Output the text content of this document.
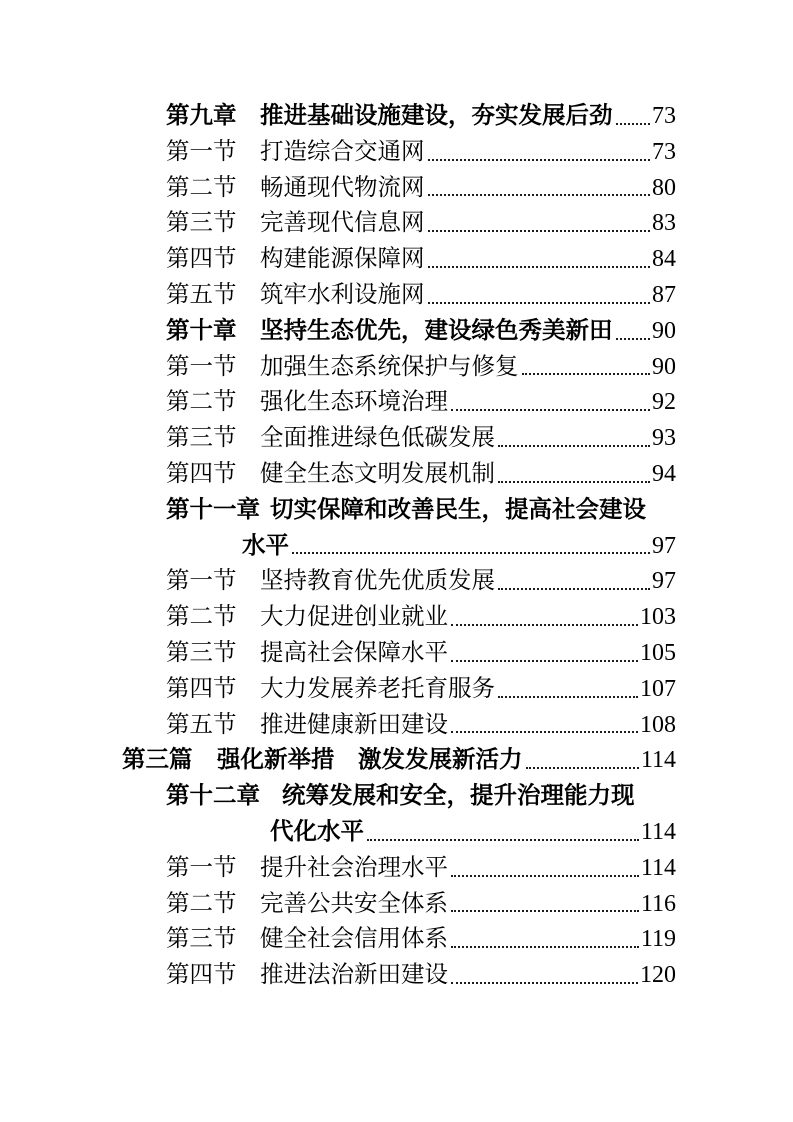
第九章	推进基础设施建设，夯实发展后劲 73
第一节	打造综合交通网	73
第二节	畅通现代物流网	80
第三节	完善现代信息网	83
第四节	构建能源保障网	84
第五节	筑牢水利设施网	87
第十章	坚持生态优先，建设绿色秀美新田 90
第一节	加强生态系统保护与修复	90
第二节	强化生态环境治理	92
第三节	全面推进绿色低碳发展	93
第四节	健全生态文明发展机制	94
第十一章 切实保障和改善民生，提高社会建设
水平	97
第一节	坚持教育优先优质发展	97
第二节	大力促进创业就业	103
第三节	提高社会保障水平	105
第四节	大力发展养老托育服务	107
第五节	推进健康新田建设	108
第三篇	强化新举措　激发发展新活力	114
第十二章 统筹发展和安全，提升治理能力现
代化水平	114
第一节	提升社会治理水平	114
第二节	完善公共安全体系	116
第三节	健全社会信用体系	119
第四节	推进法治新田建设	120
